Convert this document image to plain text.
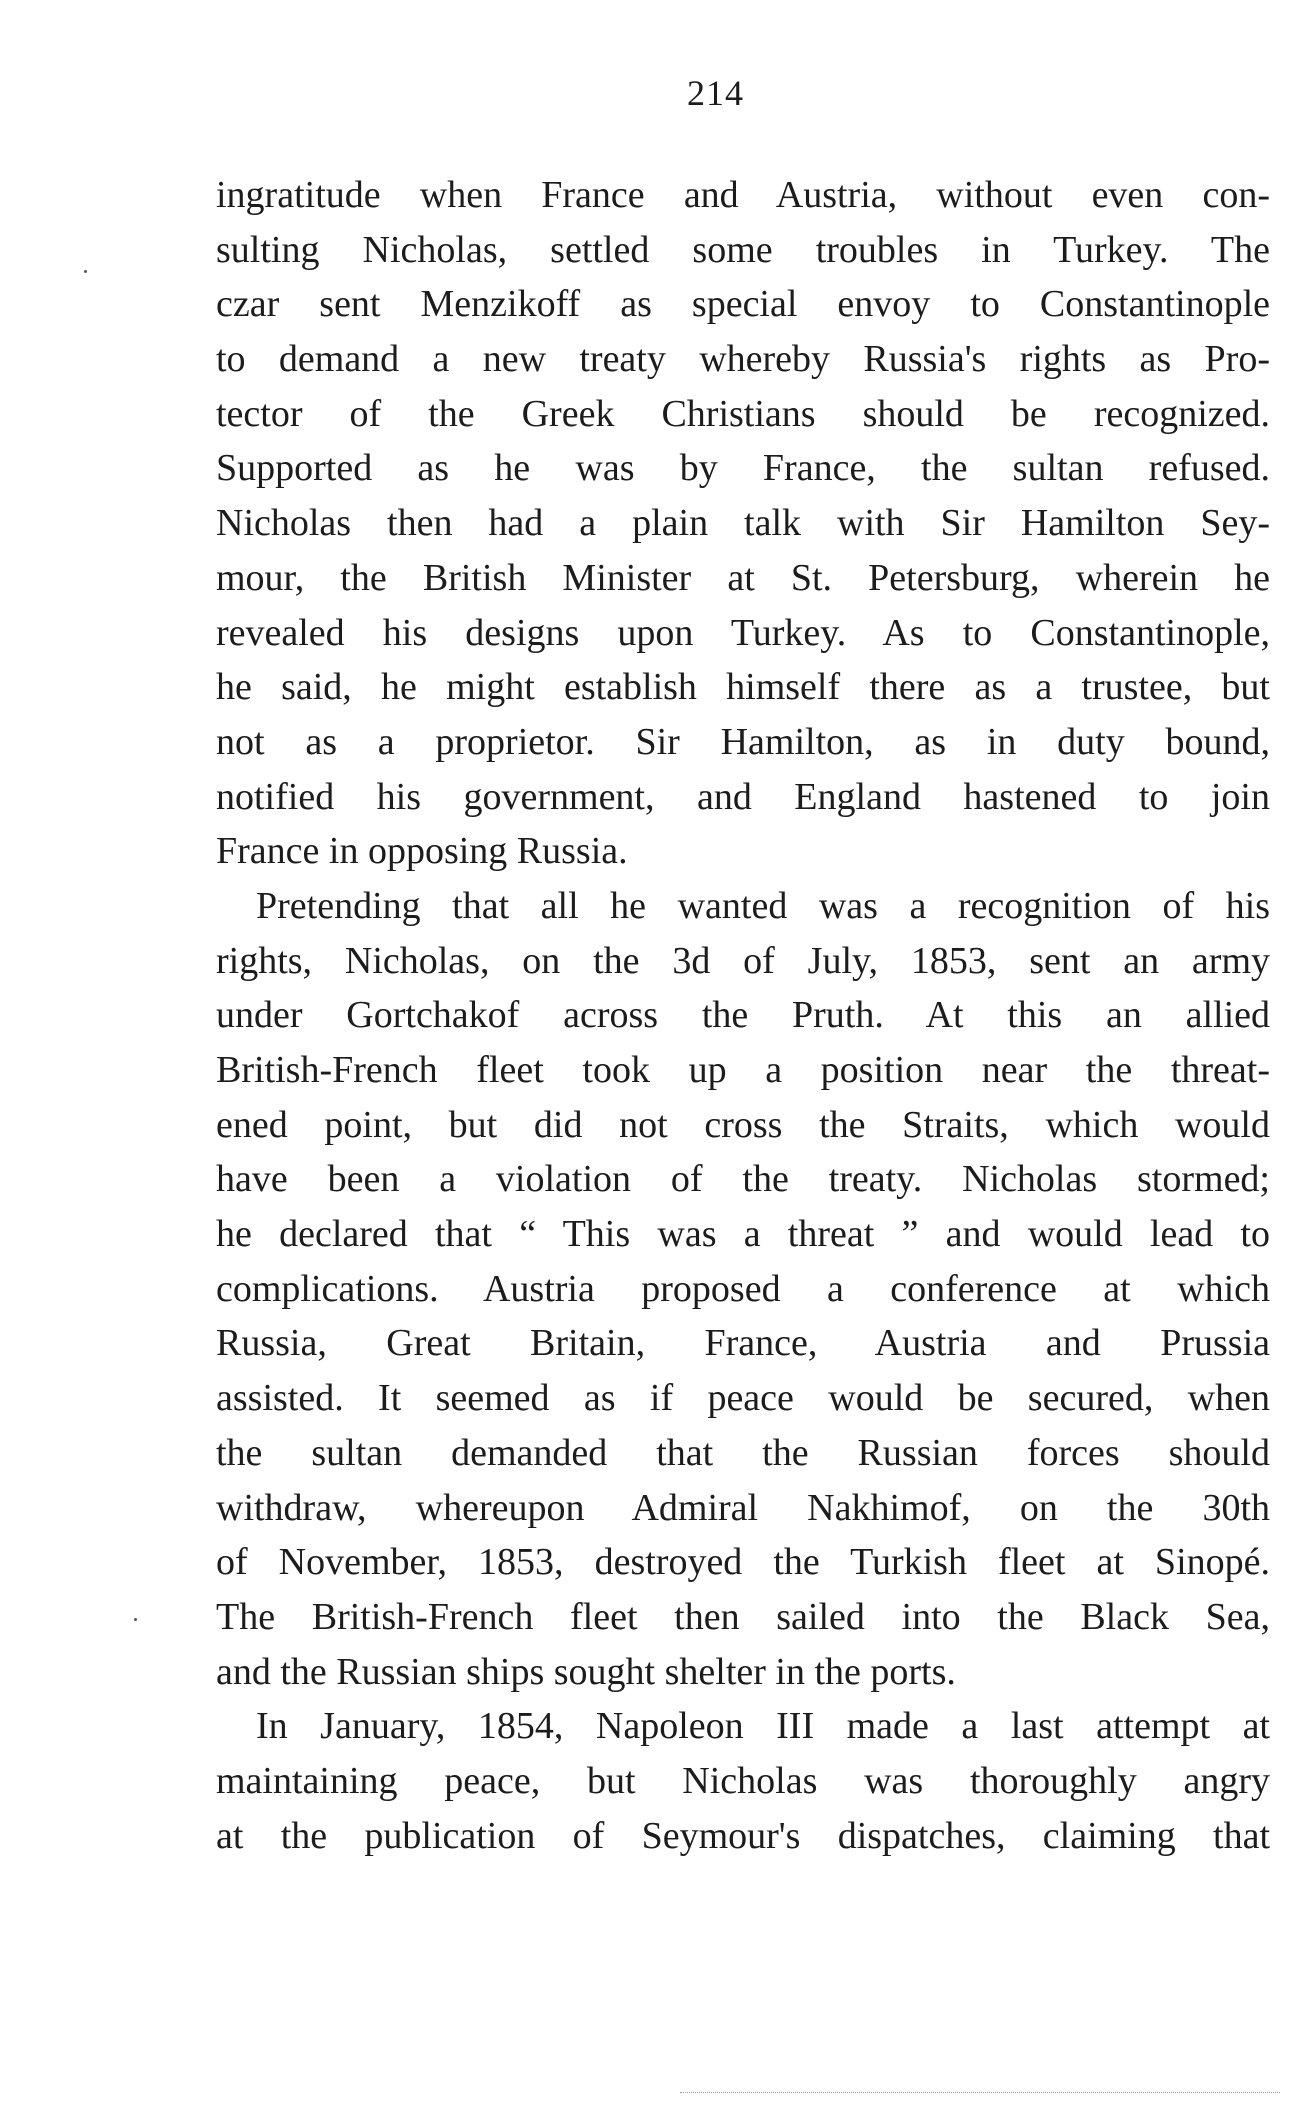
214
ingratitude when France and Austria, without even con-
sulting Nicholas, settled some troubles in Turkey. The
czar sent Menzikoff as special envoy to Constantinople
to demand a new treaty whereby Russia's rights as Pro-
tector of the Greek Christians should be recognized.
Supported as he was by France, the sultan refused.
Nicholas then had a plain talk with Sir Hamilton Sey-
mour, the British Minister at St. Petersburg, wherein he
revealed his designs upon Turkey. As to Constantinople,
he said, he might establish himself there as a trustee, but
not as a proprietor. Sir Hamilton, as in duty bound,
notified his government, and England hastened to join
France in opposing Russia.
Pretending that all he wanted was a recognition of his
rights, Nicholas, on the 3d of July, 1853, sent an army
under Gortchakof across the Pruth. At this an allied
British-French fleet took up a position near the threat-
ened point, but did not cross the Straits, which would
have been a violation of the treaty. Nicholas stormed;
he declared that “ This was a threat ” and would lead to
complications. Austria proposed a conference at which
Russia, Great Britain, France, Austria and Prussia
assisted. It seemed as if peace would be secured, when
the sultan demanded that the Russian forces should
withdraw, whereupon Admiral Nakhimof, on the 30th
of November, 1853, destroyed the Turkish fleet at Sinopé.
The British-French fleet then sailed into the Black Sea,
and the Russian ships sought shelter in the ports.
In January, 1854, Napoleon III made a last attempt at
maintaining peace, but Nicholas was thoroughly angry
at the publication of Seymour's dispatches, claiming that
